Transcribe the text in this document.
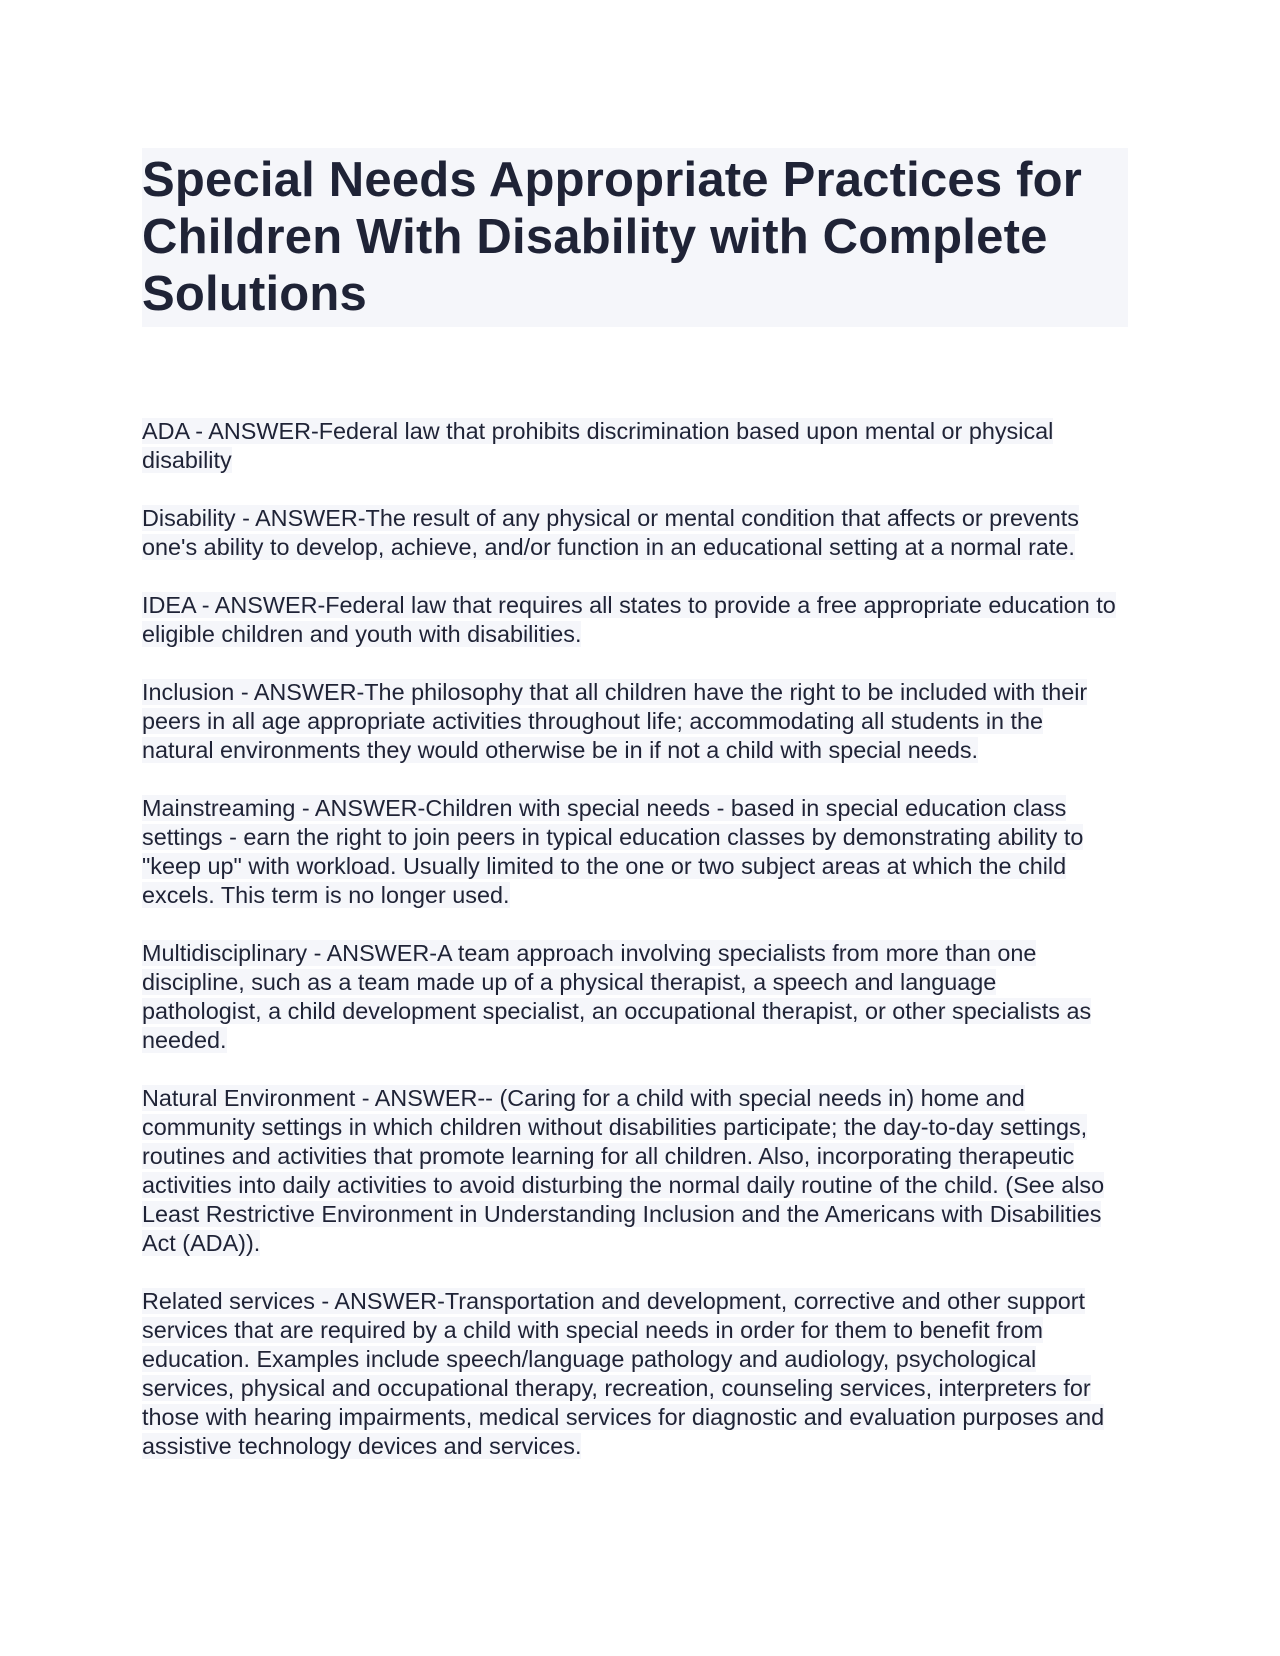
Special Needs Appropriate Practices for Children With Disability with Complete Solutions

ADA - ANSWER-Federal law that prohibits discrimination based upon mental or physical disability

Disability - ANSWER-The result of any physical or mental condition that affects or prevents one's ability to develop, achieve, and/or function in an educational setting at a normal rate.

IDEA - ANSWER-Federal law that requires all states to provide a free appropriate education to eligible children and youth with disabilities.

Inclusion - ANSWER-The philosophy that all children have the right to be included with their peers in all age appropriate activities throughout life; accommodating all students in the natural environments they would otherwise be in if not a child with special needs.

Mainstreaming - ANSWER-Children with special needs - based in special education class settings - earn the right to join peers in typical education classes by demonstrating ability to "keep up" with workload. Usually limited to the one or two subject areas at which the child excels. This term is no longer used.

Multidisciplinary - ANSWER-A team approach involving specialists from more than one discipline, such as a team made up of a physical therapist, a speech and language pathologist, a child development specialist, an occupational therapist, or other specialists as needed.

Natural Environment - ANSWER-- (Caring for a child with special needs in) home and community settings in which children without disabilities participate; the day-to-day settings, routines and activities that promote learning for all children. Also, incorporating therapeutic activities into daily activities to avoid disturbing the normal daily routine of the child. (See also Least Restrictive Environment in Understanding Inclusion and the Americans with Disabilities Act (ADA)).

Related services - ANSWER-Transportation and development, corrective and other support services that are required by a child with special needs in order for them to benefit from education. Examples include speech/language pathology and audiology, psychological services, physical and occupational therapy, recreation, counseling services, interpreters for those with hearing impairments, medical services for diagnostic and evaluation purposes and assistive technology devices and services.
